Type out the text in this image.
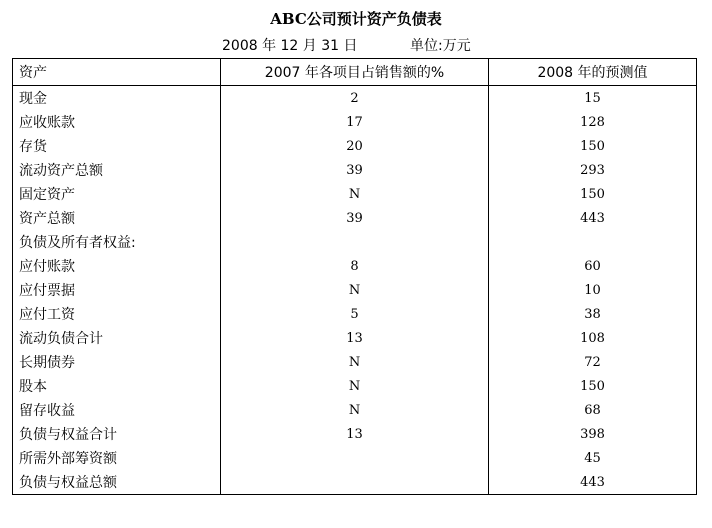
ABC公司预计资产负债表
2008 年 12 月 31 日	单位:万元
资产	2007 年各项目占销售额的%	2008 年的预测值
现金	2	15
应收账款	17	128
存货	20	150
流动资产总额	39	293
固定资产	N	150
资产总额	39	443
负债及所有者权益:		
应付账款	8	60
应付票据	N	10
应付工资	5	38
流动负债合计	13	108
长期债券	N	72
股本	N	150
留存收益	N	68
负债与权益合计	13	398
所需外部筹资额		45
负债与权益总额		443
